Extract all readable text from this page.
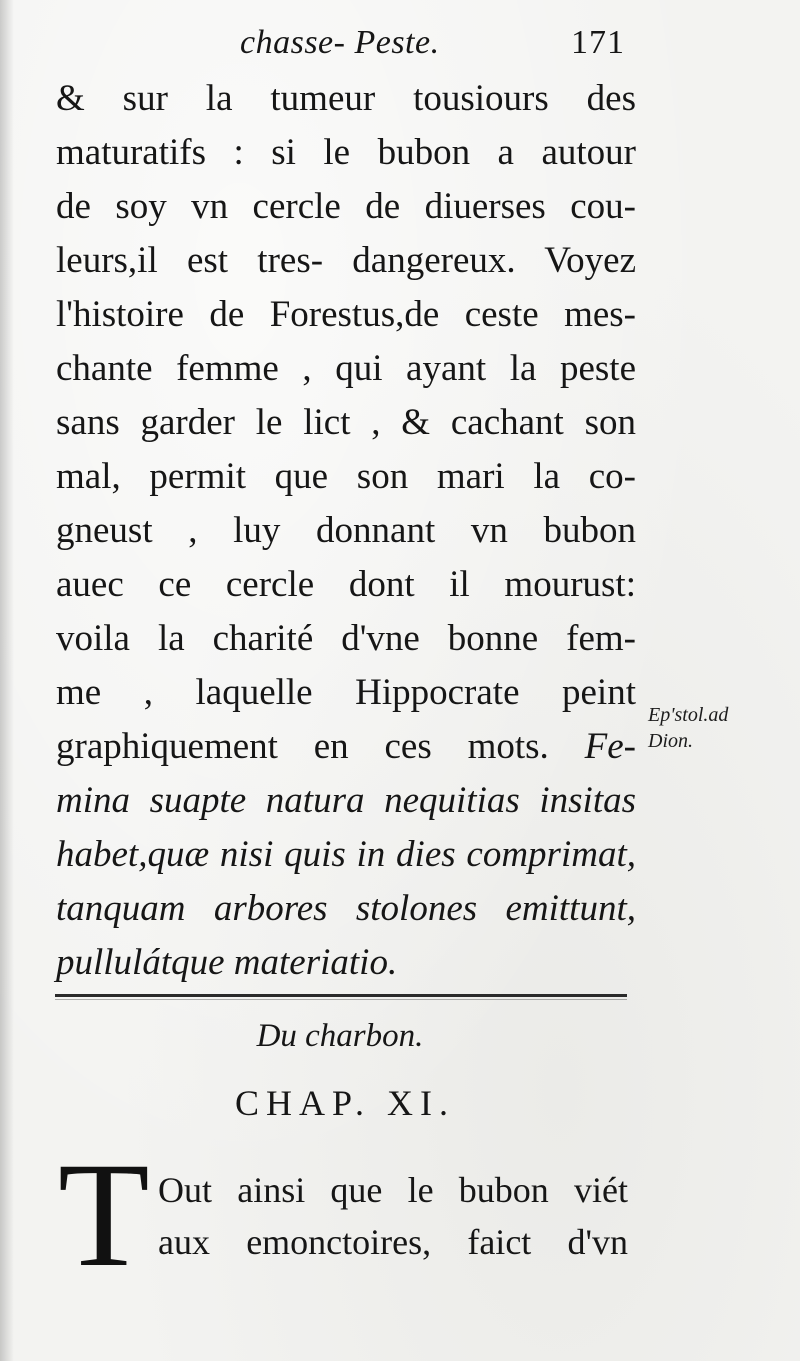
chasse- Peste.	171
& sur la tumeur tousiours des
maturatifs : si le bubon a autour
de soy vn cercle de diuerses cou-
leurs,il est tres- dangereux. Voyez
l'histoire de Forestus,de ceste mes-
chante femme , qui ayant la peste
sans garder le lict , & cachant son
mal, permit que son mari la co-
gneust , luy donnant vn bubon
auec ce cercle dont il mourust:
voila la charité d'vne bonne fem-
me , laquelle Hippocrate peint
graphiquement en ces mots. Fe-
mina suapte natura nequitias insitas
habet,quæ nisi quis in dies comprimat,
tanquam arbores stolones emittunt,
pullulátque materiatio.
Ep'stol.ad
Dion.
Du charbon.
CHAP. XI.
T Out ainsi que le bubon viét
aux emonctoires, faict d'vn
